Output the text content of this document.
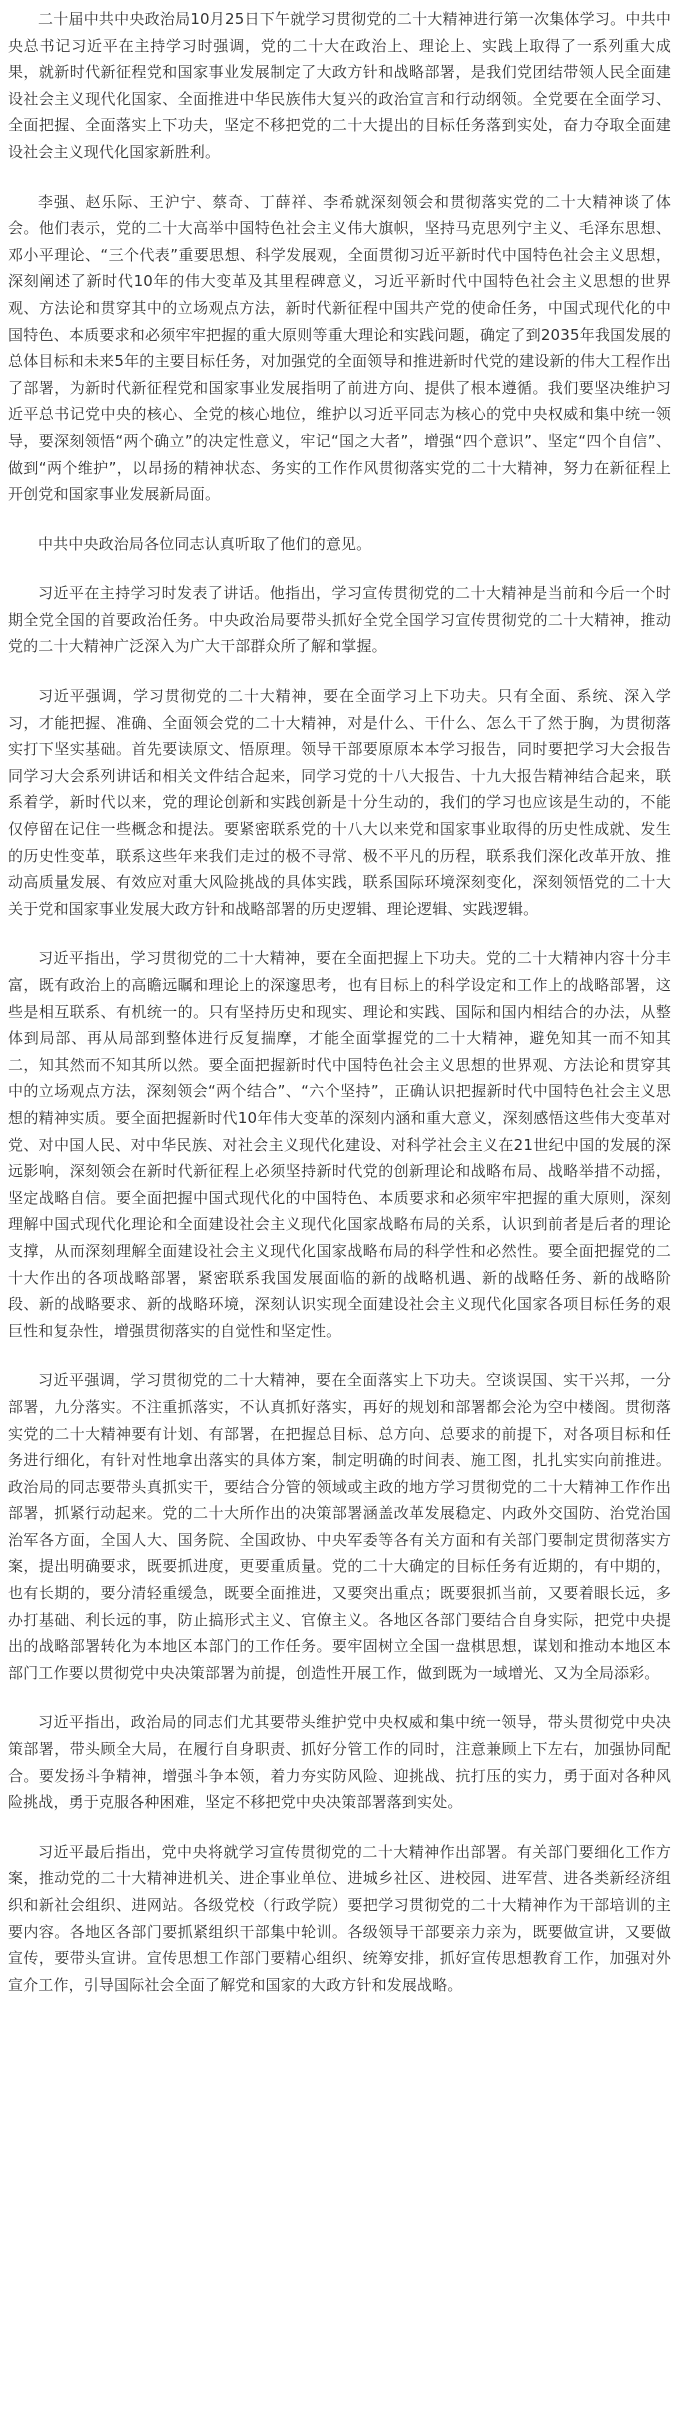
二十届中共中央政治局10月25日下午就学习贯彻党的二十大精神进行第一次集体学习。中共中央总书记习近平在主持学习时强调，党的二十大在政治上、理论上、实践上取得了一系列重大成果，就新时代新征程党和国家事业发展制定了大政方针和战略部署，是我们党团结带领人民全面建设社会主义现代化国家、全面推进中华民族伟大复兴的政治宣言和行动纲领。全党要在全面学习、全面把握、全面落实上下功夫，坚定不移把党的二十大提出的目标任务落到实处，奋力夺取全面建设社会主义现代化国家新胜利。

李强、赵乐际、王沪宁、蔡奇、丁薛祥、李希就深刻领会和贯彻落实党的二十大精神谈了体会。他们表示，党的二十大高举中国特色社会主义伟大旗帜，坚持马克思列宁主义、毛泽东思想、邓小平理论、“三个代表”重要思想、科学发展观，全面贯彻习近平新时代中国特色社会主义思想，深刻阐述了新时代10年的伟大变革及其里程碑意义，习近平新时代中国特色社会主义思想的世界观、方法论和贯穿其中的立场观点方法，新时代新征程中国共产党的使命任务，中国式现代化的中国特色、本质要求和必须牢牢把握的重大原则等重大理论和实践问题，确定了到2035年我国发展的总体目标和未来5年的主要目标任务，对加强党的全面领导和推进新时代党的建设新的伟大工程作出了部署，为新时代新征程党和国家事业发展指明了前进方向、提供了根本遵循。我们要坚决维护习近平总书记党中央的核心、全党的核心地位，维护以习近平同志为核心的党中央权威和集中统一领导，要深刻领悟“两个确立”的决定性意义，牢记“国之大者”，增强“四个意识”、坚定“四个自信”、做到“两个维护”，以昂扬的精神状态、务实的工作作风贯彻落实党的二十大精神，努力在新征程上开创党和国家事业发展新局面。

中共中央政治局各位同志认真听取了他们的意见。

习近平在主持学习时发表了讲话。他指出，学习宣传贯彻党的二十大精神是当前和今后一个时期全党全国的首要政治任务。中央政治局要带头抓好全党全国学习宣传贯彻党的二十大精神，推动党的二十大精神广泛深入为广大干部群众所了解和掌握。

习近平强调，学习贯彻党的二十大精神，要在全面学习上下功夫。只有全面、系统、深入学习，才能把握、准确、全面领会党的二十大精神，对是什么、干什么、怎么干了然于胸，为贯彻落实打下坚实基础。首先要读原文、悟原理。领导干部要原原本本学习报告，同时要把学习大会报告同学习大会系列讲话和相关文件结合起来，同学习党的十八大报告、十九大报告精神结合起来，联系着学，新时代以来，党的理论创新和实践创新是十分生动的，我们的学习也应该是生动的，不能仅停留在记住一些概念和提法。要紧密联系党的十八大以来党和国家事业取得的历史性成就、发生的历史性变革，联系这些年来我们走过的极不寻常、极不平凡的历程，联系我们深化改革开放、推动高质量发展、有效应对重大风险挑战的具体实践，联系国际环境深刻变化，深刻领悟党的二十大关于党和国家事业发展大政方针和战略部署的历史逻辑、理论逻辑、实践逻辑。

习近平指出，学习贯彻党的二十大精神，要在全面把握上下功夫。党的二十大精神内容十分丰富，既有政治上的高瞻远瞩和理论上的深邃思考，也有目标上的科学设定和工作上的战略部署，这些是相互联系、有机统一的。只有坚持历史和现实、理论和实践、国际和国内相结合的办法，从整体到局部、再从局部到整体进行反复揣摩，才能全面掌握党的二十大精神，避免知其一而不知其二，知其然而不知其所以然。要全面把握新时代中国特色社会主义思想的世界观、方法论和贯穿其中的立场观点方法，深刻领会“两个结合”、“六个坚持”，正确认识把握新时代中国特色社会主义思想的精神实质。要全面把握新时代10年伟大变革的深刻内涵和重大意义，深刻感悟这些伟大变革对党、对中国人民、对中华民族、对社会主义现代化建设、对科学社会主义在21世纪中国的发展的深远影响，深刻领会在新时代新征程上必须坚持新时代党的创新理论和战略布局、战略举措不动摇，坚定战略自信。要全面把握中国式现代化的中国特色、本质要求和必须牢牢把握的重大原则，深刻理解中国式现代化理论和全面建设社会主义现代化国家战略布局的关系，认识到前者是后者的理论支撑，从而深刻理解全面建设社会主义现代化国家战略布局的科学性和必然性。要全面把握党的二十大作出的各项战略部署，紧密联系我国发展面临的新的战略机遇、新的战略任务、新的战略阶段、新的战略要求、新的战略环境，深刻认识实现全面建设社会主义现代化国家各项目标任务的艰巨性和复杂性，增强贯彻落实的自觉性和坚定性。

习近平强调，学习贯彻党的二十大精神，要在全面落实上下功夫。空谈误国、实干兴邦，一分部署，九分落实。不注重抓落实，不认真抓好落实，再好的规划和部署都会沦为空中楼阁。贯彻落实党的二十大精神要有计划、有部署，在把握总目标、总方向、总要求的前提下，对各项目标和任务进行细化，有针对性地拿出落实的具体方案，制定明确的时间表、施工图，扎扎实实向前推进。政治局的同志要带头真抓实干，要结合分管的领域或主政的地方学习贯彻党的二十大精神工作作出部署，抓紧行动起来。党的二十大所作出的决策部署涵盖改革发展稳定、内政外交国防、治党治国治军各方面，全国人大、国务院、全国政协、中央军委等各有关方面和有关部门要制定贯彻落实方案，提出明确要求，既要抓进度，更要重质量。党的二十大确定的目标任务有近期的，有中期的，也有长期的，要分清轻重缓急，既要全面推进，又要突出重点；既要狠抓当前，又要着眼长远，多办打基础、利长远的事，防止搞形式主义、官僚主义。各地区各部门要结合自身实际，把党中央提出的战略部署转化为本地区本部门的工作任务。要牢固树立全国一盘棋思想，谋划和推动本地区本部门工作要以贯彻党中央决策部署为前提，创造性开展工作，做到既为一域增光、又为全局添彩。

习近平指出，政治局的同志们尤其要带头维护党中央权威和集中统一领导，带头贯彻党中央决策部署，带头顾全大局，在履行自身职责、抓好分管工作的同时，注意兼顾上下左右，加强协同配合。要发扬斗争精神，增强斗争本领，着力夯实防风险、迎挑战、抗打压的实力，勇于面对各种风险挑战，勇于克服各种困难，坚定不移把党中央决策部署落到实处。

习近平最后指出，党中央将就学习宣传贯彻党的二十大精神作出部署。有关部门要细化工作方案，推动党的二十大精神进机关、进企事业单位、进城乡社区、进校园、进军营、进各类新经济组织和新社会组织、进网站。各级党校（行政学院）要把学习贯彻党的二十大精神作为干部培训的主要内容。各地区各部门要抓紧组织干部集中轮训。各级领导干部要亲力亲为，既要做宣讲，又要做宣传，要带头宣讲。宣传思想工作部门要精心组织、统筹安排，抓好宣传思想教育工作，加强对外宣介工作，引导国际社会全面了解党和国家的大政方针和发展战略。
